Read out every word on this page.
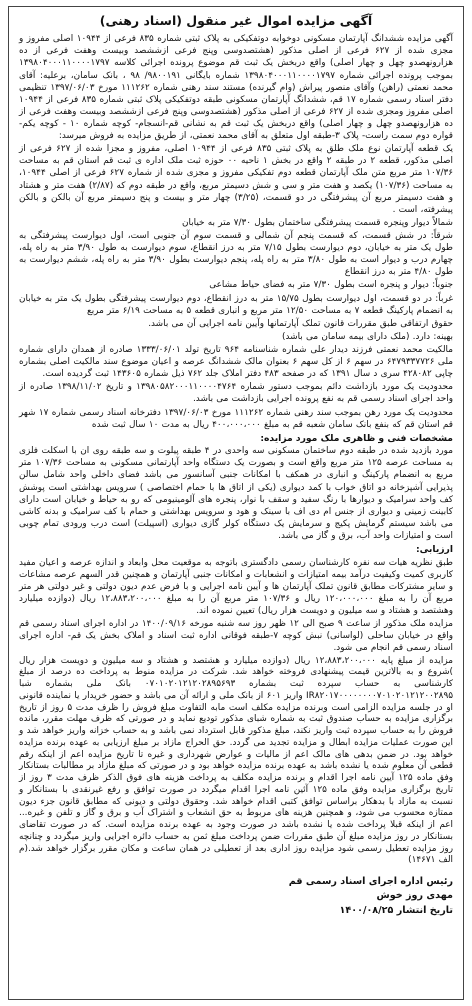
آگهی مزایده اموال غیر منقول (اسناد رهنی)

آگهی مزایده ششدانگ آپارتمان مسکونی دوخوابه دوتفکیکی به پلاک ثبتی شماره ۸۳۵ فرعی از ۱۰۹۴۴ اصلی مفروز و مجزی شده از ۶۲۷ فرعی از اصلی مذکور (هشتصدوسی وپنج فرعی ازششصد وبیست وهفت فرعی از ده هزارونهصدو چهل و چهار اصلی) واقع دربخش یک ثبت قم موضوع پرونده اجرائی کلاسه ۱۳۹۸۰۴۰۰۰۱۱۰۰۰۰۱۷۹۷ بموجب پرونده اجرائی شماره ۱۳۹۸۰۴۰۰۰۱۱۰۰۰۰۱۷۹۷ شماره بایگانی ۹۸۰۰۱۹۱/ ۹۸ ، بانک سامان، برعلیه: آقای محمد نعمتی (راهن) وآقای منصور پیراش (وام گیرنده) مستند سند رهنی شماره ۱۱۱۲۶۲ مورخ ۱۳۹۷/۰۶/۰۳ تنظیمی دفتر اسناد رسمی شماره ۱۷ قم، ششدانگ آپارتمان مسکونی طبقه دوتفکیکی پلاک ثبتی شماره ۸۳۵ فرعی از ۱۰۹۴۴ اصلی مفروز ومجزی شده از ۶۲۷ فرعی از اصلی مذکور (هشتصدوسی وپنج فرعی ازششصد وبیست وهفت فرعی از ده هزارونهصدو چهل و چهار اصلی) واقع دربخش یک ثبت قم به نشانی قم-انسجام- کوچه شماره ۱۰ - کوچه یکم-قواره دوم سمت راست- پلاک ۳-طبقه اول متعلق به آقای محمد نعمتی، از طریق مزایده به فروش میرسد:

یک قطعه آپارتمان نوع ملک طلق به پلاک ثبتی ۸۳۵ فرعی از ۱۰۹۴۴ اصلی، مفروز و مجزا شده از ۶۲۷ فرعی از اصلی مذکور، قطعه ۲ در طبقه ۲ واقع در بخش ۱ ناحیه ۰۰ حوزه ثبت ملک اداره ی ثبت قم استان قم به مساحت ۱۰۷/۳۶ متر مربع متن ملک آپارتمان قطعه دوم تفکیکی مفروز و مجزی شده از شماره ۶۲۷ فرعی از اصلی ۱۰۹۴۴، به مساحت (۱۰۷/۳۶) یکصد و هفت متر و سی و شش دسیمتر مربع، واقع در طبقه دوم که (۲/۸۷) هفت متر و هشتاد و هفت دسیمتر مربع آن پیشرفتگی در دو قسمت، (۳/۲۵) چهار متر و بیست و پنج دسیمتر مربع آن بالکن و بالکن پیشرفته، است .

شمالاً دیوار وپنجره قسمت پیشرفتگی ساختمان بطول ۷/۳۰ متر به خیابان

شرقاً: در شش قسمت، که قسمت پنجم آن شمالی و قسمت سوم آن جنوبی است، اول دیوارست پیشرفتگی به طول یک متر به خیابان، دوم دیوارست بطول ۷/۱۵ متر به درز انقطاع، سوم دیوارست به طول ۳/۹۰ متر به راه پله، چهارم درب و دیوار است به طول ۳/۸۰ متر به راه پله، پنجم دیوارست بطول ۳/۹۰ متر به راه پله، ششم دیوارست به طول ۴/۸۰ متر به درز انقطاع

جنوباً: دیوار و پنجره است بطول ۷/۳۰ متر به فضای حیاط مشاعی

غرباً: در دو قسمت، اول دیوارست بطول ۱۵/۷۵ متر به درز انقطاع، دوم دیوارست پیشرفتگی بطول یک متر به خیابان به انضمام پارکینگ قطعه ۷ به مساحت ۱۲/۵۰ متر مربع و انباری قطعه ۵ به مساحت ۶/۱۹ متر مربع

حقوق ارتفاقی طبق مقررات قانون تملک آپارتمانها وآیین نامه اجرایی آن می باشد.

بهینه: دارد. (ملک دارای بیمه سامان می باشد)

مالکیت محمد نعمتی فرزند دیدار علی شماره شناسنامه ۹۶۴ تاریخ تولد ۱۳۳۳/۰۶/۰۱ صادره از همدان دارای شماره ملی ۶۴۷۹۳۳۷۷۲۶ در سهم ۶ از کل سهم ۶ بعنوان مالک ششدانگ عرصه و اعیان موضوع سند مالکیت اصلی بشماره چاپی ۴۲۸۰۸۲ سری د سال ۱۳۹۱ که در صفحه ۴۸۳ دفتر املاک جلد ۷۶۲ ذیل شماره ۱۴۳۶۰۵ ثبت گردیده است.

محدودیت یک مورد بازداشت دائم بموجب دستور شماره ۱۳۹۸۰۵۸۲۰۰۰۱۱۰۰۰۰۴۷۶۴ و تاریخ ۱۳۹۸/۱۱/۰۲ صادره از واحد اجرای اسناد رسمی قم به نفع پرونده اجرایی بازداشت می باشد.

محدودیت یک مورد رهن بموجب سند رهنی شماره ۱۱۱۲۶۲ مورخ ۱۳۹۷/۰۶/۰۳ دفترخانه اسناد رسمی شماره ۱۷ شهر قم استان قم که بنفع بانک سامان شعبه قم به مبلغ ۴۰۰،۰۰۰،۰۰۰ ریال به مدت ۱۰ سال ثبت شده

مشخصات فنی و ظاهری ملک مورد مزایده:

مورد بازدید شده در طبقه دوم ساختمان مسکونی سه واحدی در ۴ طبقه پیلوت و سه طبقه روی ان با اسکلت فلزی به مساحت عرصه ۱۲۵ متر مربع واقع است و بصورت یک دستگاه واحد آپارتمانی مسکونی به مساحت ۱۰۷/۳۶ متر مربع به انضمام پارکینگ و انباری در همکف با امکانات جنبی آسانسور می باشد فضای داخلی واحد شامل سالن پذیرایی آشپزخانه دو اتاق خواب با کمد دیواری (یکی از اتاق ها با حمام اختصاصی ) سرویس بهداشتی است پوشش کف واحد سرامیک و دیوارها با رنگ سفید و سقف با نوار، پنجره های آلومینیومی که رو به حیاط و خیابان است دارای کابینت زمینی و دیواری از جنس ام دی اف با سینک و هود و سرویس بهداشتی و حمام با کف سرامیک و بدنه کاشی می باشد سیستم گرمایش پکیج و سرمایش یک دستگاه کولر گازی دیواری (اسپیلت) است درب ورودی تمام چوبی است و امتیازات واحد آب، برق و گاز می باشد.

ارزیابی:

طبق نظریه هیات سه نفره کارشناسان رسمی دادگستری باتوجه به موقعیت محل وابعاد و اندازه عرصه و اعیان مفید کاربری کمیت وکیفیت درآمد بیمه امتیازات و انشعابات و امکانات جنبی آپارتمان و همچنین قدر السهم عرصه مشاعات و سایر مشترکات مطابق قانون تملک آپارتمان ها و آیین نامه اجرایی و با فرض عدم دیون دولتی و غیر دولتی هر متر مربع آن را به مبلغ ۱۲۰،۰۰۰،۰۰۰ ریال و ۱۰۷/۳۶ متر مربع آن را به مبلغ ۱۲،۸۸۳،۲۰۰،۰۰۰ ریال (دوازده میلیارد وهشتصد و هشتاد و سه میلیون و دویست هزار ریال) تعیین نموده اند.

مزایده ملک مذکور از ساعت ۹ صبح الی ۱۲ ظهر روز سه شنبه مورخه ۱۴۰۰/۰۹/۱۶ در اداره اجرای اسناد رسمی قم واقع در خیابان ساحلی (لواسانی) نبش کوچه ۷-طبقه فوقانی اداره ثبت اسناد و املاک بخش یک قم- اداره اجرای اسناد رسمی قم انجام می شود.

مزایده از مبلغ پایه ۱۲،۸۸۳،۲۰۰،۰۰۰ ریال (دوازده میلیارد و هشتصد و هشتاد و سه میلیون و دویست هزار ریال )شروع و به بالاترین قیمت پیشنهادی فروخته خواهد شد. شرکت در مزایده منوط به پرداخت ده درصد از مبلغ کارشناسی به حساب سپرده ثبت بشماره ۰۷۰۱۰۲۰۱۲۱۲۰۲۸۹۵۶۹۳ بانک ملی بشماره شبا IR۸۲۰۱۷۰۰۰۰۰۰۰۰۷۰۱۰۲۰۱۲۱۲۰۰۲۸۹۵ واریز ۶۰۱ از بانک ملی و ارائه آن می باشد و حضور خریدار یا نماینده قانونی او در جلسه مزایده الزامی است وبرنده مزایده مکلف است مابه التفاوت مبلغ فروش را ظرف مدت ۵ روز از تاریخ برگزاری مزایده به حساب صندوق ثبت به شماره شبای مذکور تودیع نماید و در صورتی که ظرف مهلت مقرر، مانده فروش را به حساب سپرده ثبت واریز نکند، مبلغ مذکور قابل استرداد نمی باشد و به حساب خزانه واریز خواهد شد و این صورت عملیات مزایده ابطال و مزایده تجدید می گردد. حق الحراج مازاد بر مبلغ ارزیابی به عهده برنده مزایده خواهد بود. در ضمن بدهی های مالک اعم از مالیات و عوارض شهرداری و غیره تا تاریخ مزایده اعم از اینکه رقم قطعی آن معلوم شده یا نشده باشد به عهده برنده مزایده خواهد بود و در صورتی که مبلغ مازاد بر مطالبات بستانکار وفق ماده ۱۲۵ آیین نامه اجرا اقدام و برنده مزایده مکلف به پرداخت هزینه های فوق الذکر ظرف مدت ۳ روز از تاریخ برگزاری مزایده وفق ماده ۱۲۵ آئین نامه اجرا اقدام میگردد در صورت توافق و رفع غیرنقدی با بستانکار و نسبت به مازاد با بدهکار براساس توافق کتبی اقدام خواهد شد. وحقوق دولتی و دیونی که مطابق قانون جزء دیون ممتازه محسوب می شود، و همچنین هزینه های مربوط به حق انشعاب و اشتراک آب و برق و گاز و تلفن و غیره... اعم از اینکه قبلا پرداخت شده یا نشده باشد در صورت وجود به عهده برنده مزایده است. که در صورت تقاضای بستانکار در روز مزایده مبلغ آن طبق مقررات ضمن پرداخت مبلغ ثمن به حساب دائره اجرایی واریز میگردد و چنانچه روز مزایده تعطیل رسمی شود مزایده روز اداری بعد از تعطیلی در همان ساعت و مکان مقرر برگزار خواهد شد.(م الف ۱۴۶۷۱)

رئیس اداره اجرای اسناد رسمی قم
مهدی روز خوش
تاریخ انتشار ۱۴۰۰/۰۸/۲۵
